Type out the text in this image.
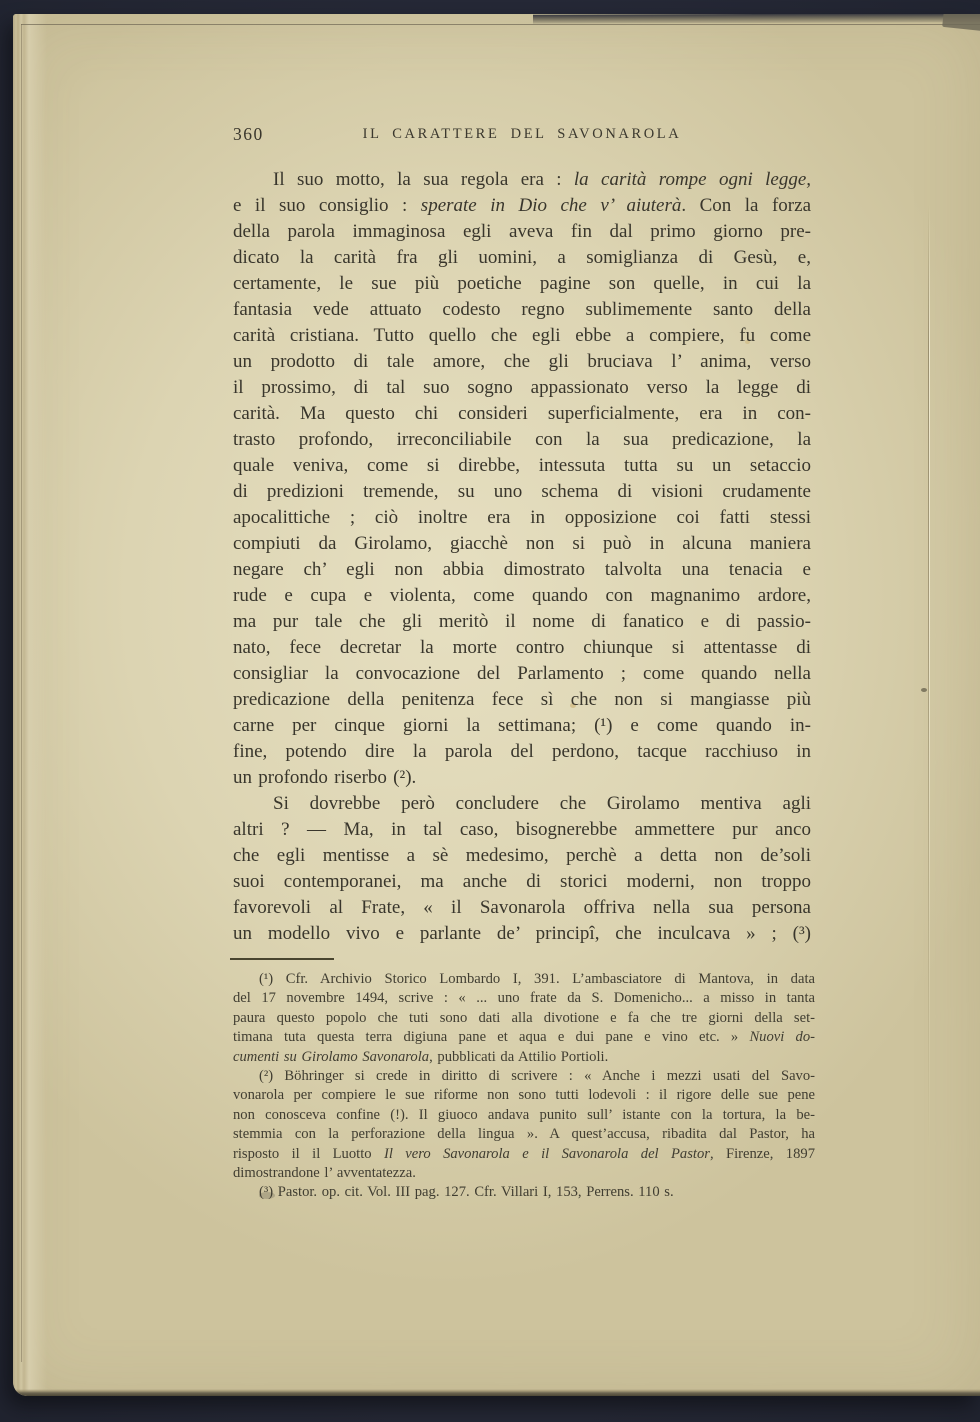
360	IL CARATTERE DEL SAVONAROLA
Il suo motto, la sua regola era : la carità rompe ogni legge,
e il suo consiglio : sperate in Dio che v’ aiuterà. Con la forza
della parola immaginosa egli aveva fin dal primo giorno pre-
dicato la carità fra gli uomini, a somiglianza di Gesù, e,
certamente, le sue più poetiche pagine son quelle, in cui la
fantasia vede attuato codesto regno sublimemente santo della
carità cristiana. Tutto quello che egli ebbe a compiere, fu come
un prodotto di tale amore, che gli bruciava l’ anima, verso
il prossimo, di tal suo sogno appassionato verso la legge di
carità. Ma questo chi consideri superficialmente, era in con-
trasto profondo, irreconciliabile con la sua predicazione, la
quale veniva, come si direbbe, intessuta tutta su un setaccio
di predizioni tremende, su uno schema di visioni crudamente
apocalittiche ; ciò inoltre era in opposizione coi fatti stessi
compiuti da Girolamo, giacchè non si può in alcuna maniera
negare ch’ egli non abbia dimostrato talvolta una tenacia e
rude e cupa e violenta, come quando con magnanimo ardore,
ma pur tale che gli meritò il nome di fanatico e di passio-
nato, fece decretar la morte contro chiunque si attentasse di
consigliar la convocazione del Parlamento ; come quando nella
predicazione della penitenza fece sì che non si mangiasse più
carne per cinque giorni la settimana; (¹) e come quando in-
fine, potendo dire la parola del perdono, tacque racchiuso in
un profondo riserbo (²).
Si dovrebbe però concludere che Girolamo mentiva agli
altri ? — Ma, in tal caso, bisognerebbe ammettere pur anco
che egli mentisse a sè medesimo, perchè a detta non de’soli
suoi contemporanei, ma anche di storici moderni, non troppo
favorevoli al Frate, « il Savonarola offriva nella sua persona
un modello vivo e parlante de’ principî, che inculcava » ; (³)
(¹) Cfr. Archivio Storico Lombardo I, 391. L’ambasciatore di Mantova, in data
del 17 novembre 1494, scrive : « ... uno frate da S. Domenicho... a misso in tanta
paura questo popolo che tuti sono dati alla divotione e fa che tre giorni della set-
timana tuta questa terra digiuna pane et aqua e dui pane e vino etc. » Nuovi do-
cumenti su Girolamo Savonarola, pubblicati da Attilio Portioli.
(²) Böhringer si crede in diritto di scrivere : « Anche i mezzi usati del Savo-
vonarola per compiere le sue riforme non sono tutti lodevoli : il rigore delle sue pene
non conosceva confine (!). Il giuoco andava punito sull’ istante con la tortura, la be-
stemmia con la perforazione della lingua ». A quest’accusa, ribadita dal Pastor, ha
risposto il il Luotto Il vero Savonarola e il Savonarola del Pastor, Firenze, 1897
dimostrandone l’ avventatezza.
(³) Pastor. op. cit. Vol. III pag. 127. Cfr. Villari I, 153, Perrens. 110 s.
